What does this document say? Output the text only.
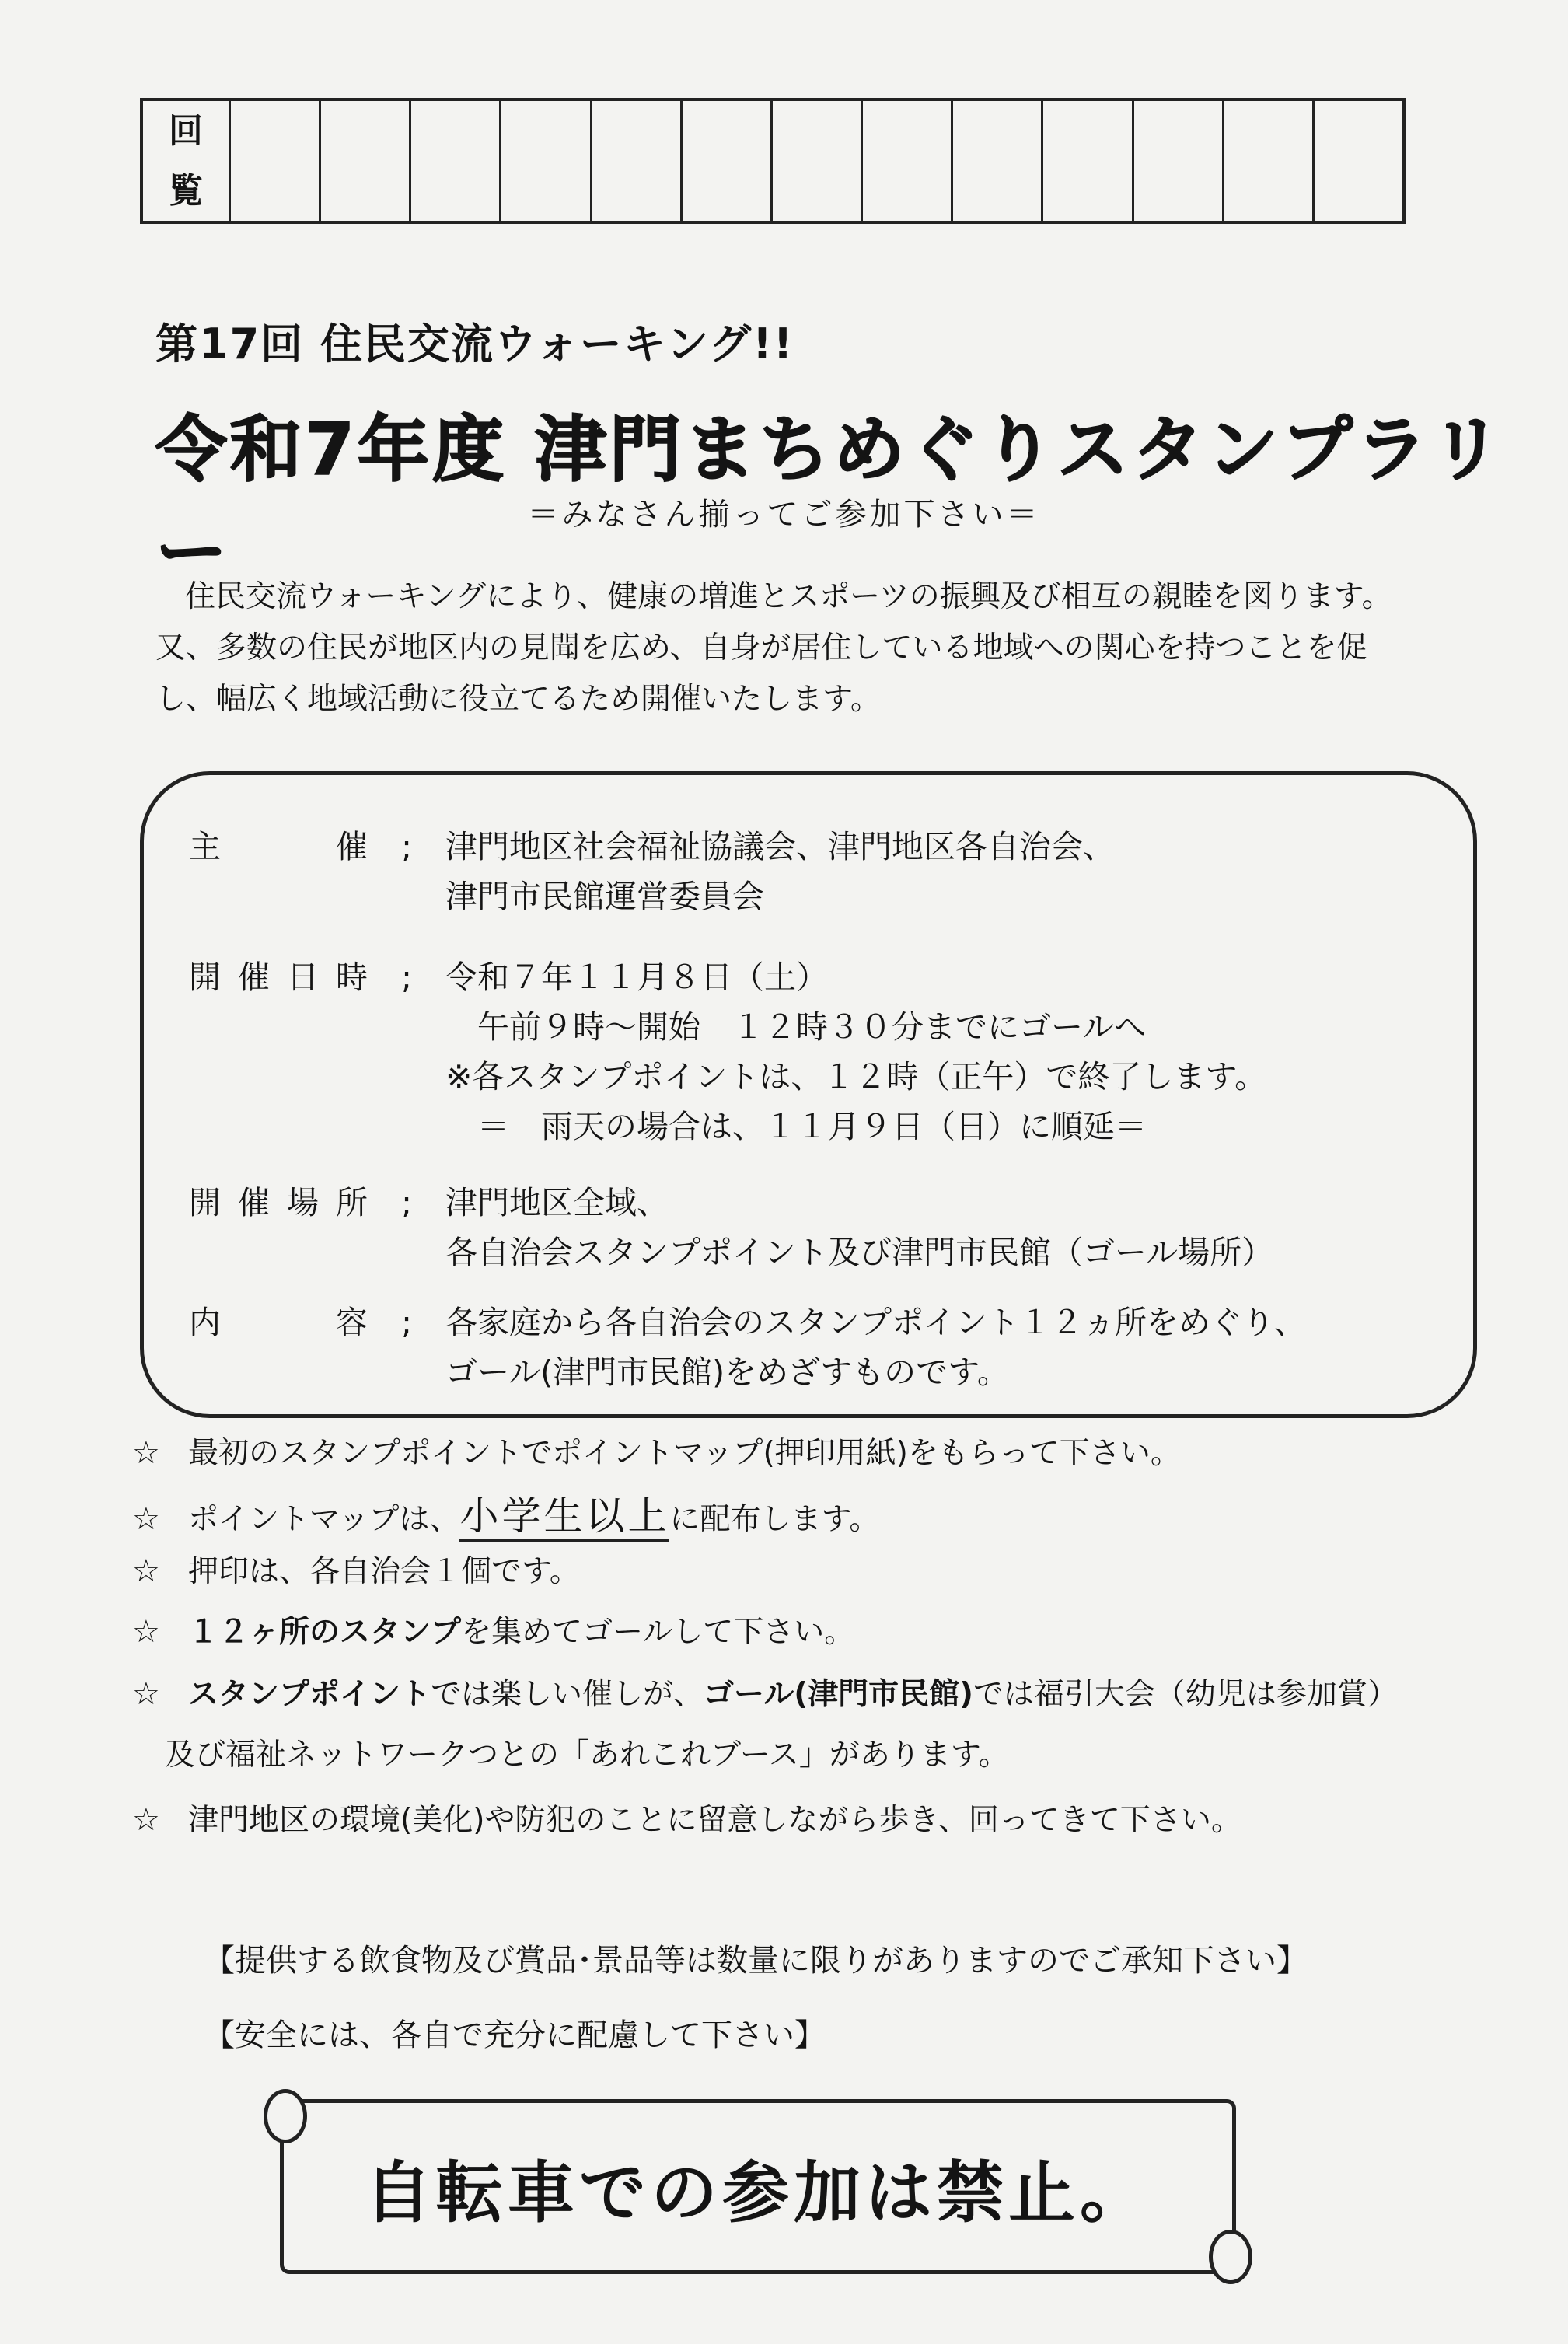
回
覧
第17回 住民交流ウォーキング!!
令和7年度 津門まちめぐりスタンプラリー	＝みなさん揃ってご参加下さい＝

住民交流ウォーキングにより、健康の増進とスポーツの振興及び相互の親睦を図ります。

又、多数の住民が地区内の見聞を広め、自身が居住している地域への関心を持つことを促

し、幅広く地域活動に役立てるため開催いたします。

主 催	;	津門地区社会福祉協議会、津門地区各自治会、

津門市民館運営委員会

開催日時	;	令和７年１１月８日（土）

　午前９時～開始　１２時３０分までにゴールへ

※各スタンプポイントは、１２時（正午）で終了します。

　＝　雨天の場合は、１１月９日（日）に順延＝

開催場所	;	津門地区全域、

各自治会スタンプポイント及び津門市民館（ゴール場所）

内 容	;	各家庭から各自治会のスタンプポイント１２ヵ所をめぐり、

ゴール(津門市民館)をめざすものです。

☆ 最初のスタンプポイントでポイントマップ(押印用紙)をもらって下さい。
☆ ポイントマップは、小学生以上に配布します。
☆ 押印は、各自治会１個です。
☆ １２ヶ所のスタンプを集めてゴールして下さい。
☆ スタンプポイントでは楽しい催しが、ゴール(津門市民館)では福引大会（幼児は参加賞）
及び福祉ネットワークつとの「あれこれブース」があります。
☆ 津門地区の環境(美化)や防犯のことに留意しながら歩き、回ってきて下さい。
【提供する飲食物及び賞品･景品等は数量に限りがありますのでご承知下さい】
【安全には、各自で充分に配慮して下さい】
自転車での参加は禁止。
